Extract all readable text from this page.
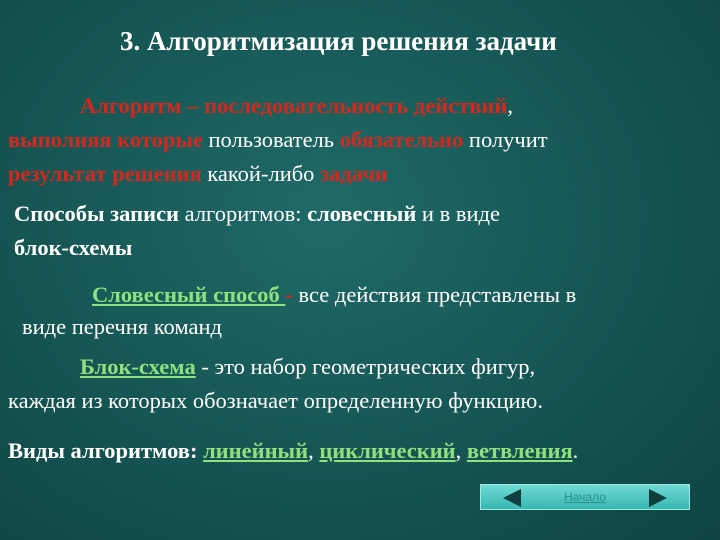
3. Алгоритмизация решения задачи
Алгоритм – последовательность действий,
выполняя которые пользователь обязательно получит
результат решения какой-либо задачи
Способы записи алгоритмов: словесный и в виде
блок-схемы
Словесный способ - все действия представлены в
виде перечня команд
Блок-схема - это набор геометрических фигур,
каждая из которых обозначает определенную функцию.
Виды алгоритмов: линейный, циклический, ветвления.
Начало
